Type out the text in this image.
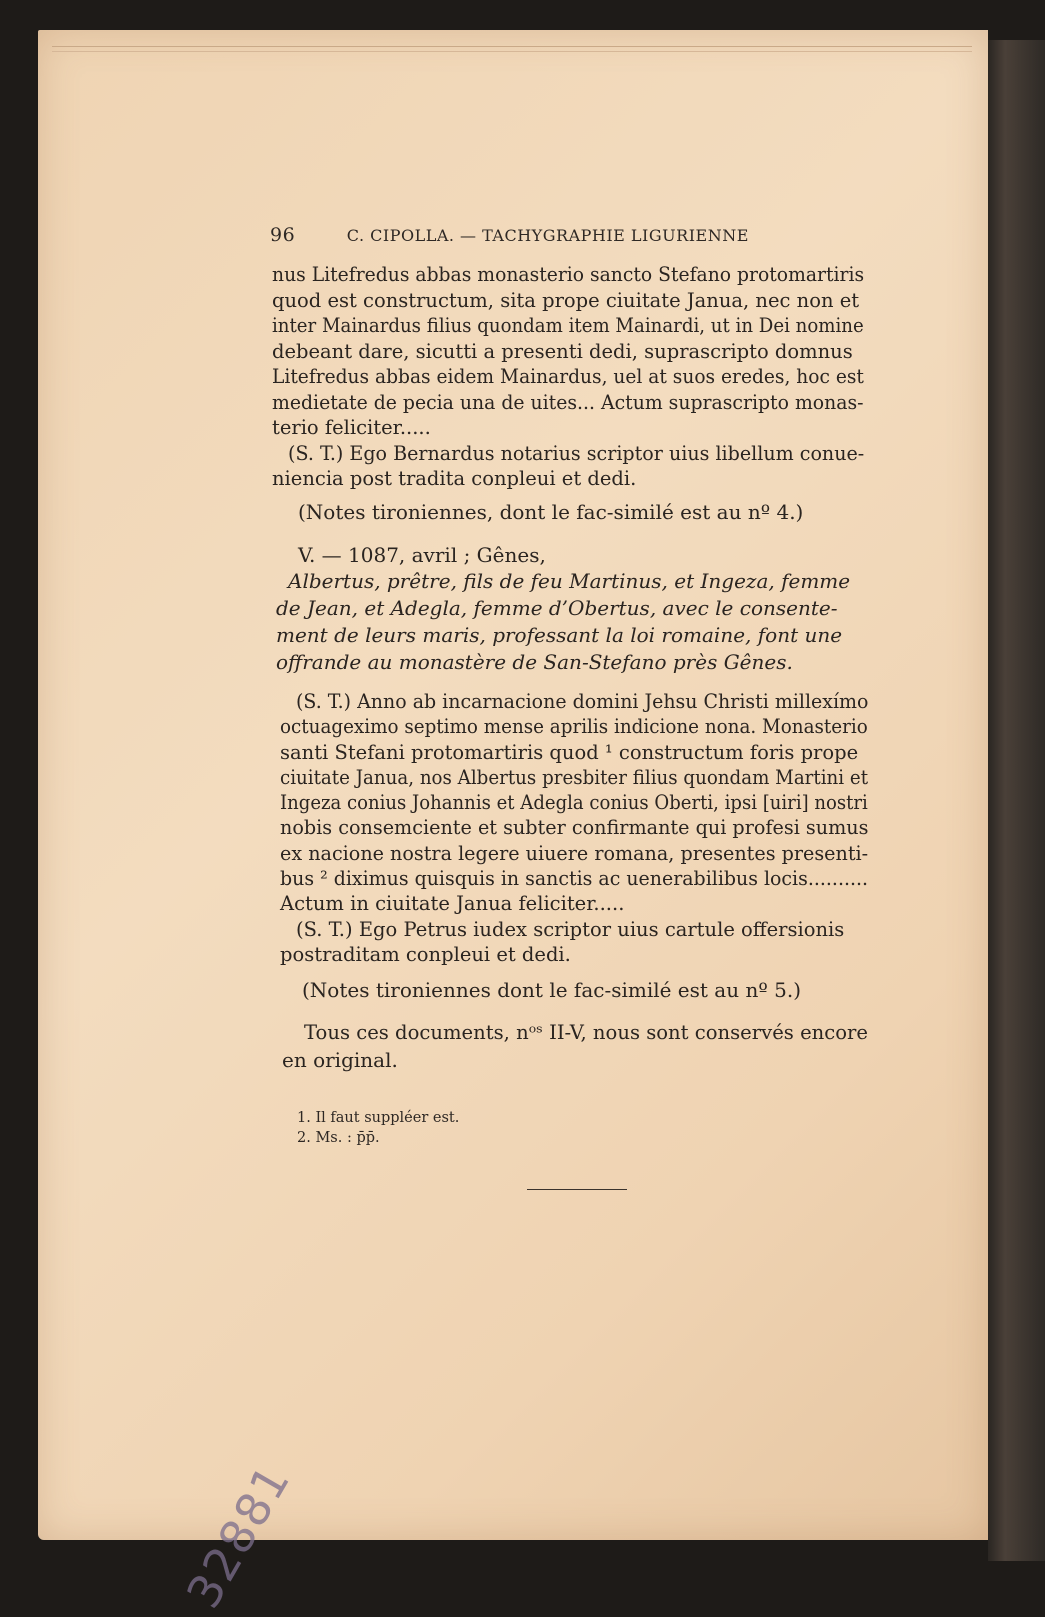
96	C. CIPOLLA. — TACHYGRAPHIE LIGURIENNE
nus Litefredus abbas monasterio sancto Stefano protomartiris
quod est constructum, sita prope ciuitate Janua, nec non et
inter Mainardus filius quondam item Mainardi, ut in Dei nomine
debeant dare, sicutti a presenti dedi, suprascripto domnus
Litefredus abbas eidem Mainardus, uel at suos eredes, hoc est
medietate de pecia una de uites... Actum suprascripto monas-
terio feliciter.....
(S. T.) Ego Bernardus notarius scriptor uius libellum conue-
niencia post tradita conpleui et dedi.
(Notes tironiennes, dont le fac-similé est au nº 4.)
V. — 1087, avril ; Gênes,
Albertus, prêtre, fils de feu Martinus, et Ingeza, femme
de Jean, et Adegla, femme d’Obertus, avec le consente-
ment de leurs maris, professant la loi romaine, font une
offrande au monastère de San-Stefano près Gênes.
(S. T.) Anno ab incarnacione domini Jehsu Christi millexímo
octuageximo septimo mense aprilis indicione nona. Monasterio
santi Stefani protomartiris quod ¹ constructum foris prope
ciuitate Janua, nos Albertus presbiter filius quondam Martini et
Ingeza conius Johannis et Adegla conius Oberti, ipsi [uiri] nostri
nobis consemciente et subter confirmante qui profesi sumus
ex nacione nostra legere uiuere romana, presentes presenti-
bus ² diximus quisquis in sanctis ac uenerabilibus locis..........
Actum in ciuitate Janua feliciter.....
(S. T.) Ego Petrus iudex scriptor uius cartule offersionis
postraditam conpleui et dedi.
(Notes tironiennes dont le fac-similé est au nº 5.)
Tous ces documents, nᵒˢ II-V, nous sont conservés encore
en original.
1. Il faut suppléer est.
2. Ms. : p̄p̄.
32881
